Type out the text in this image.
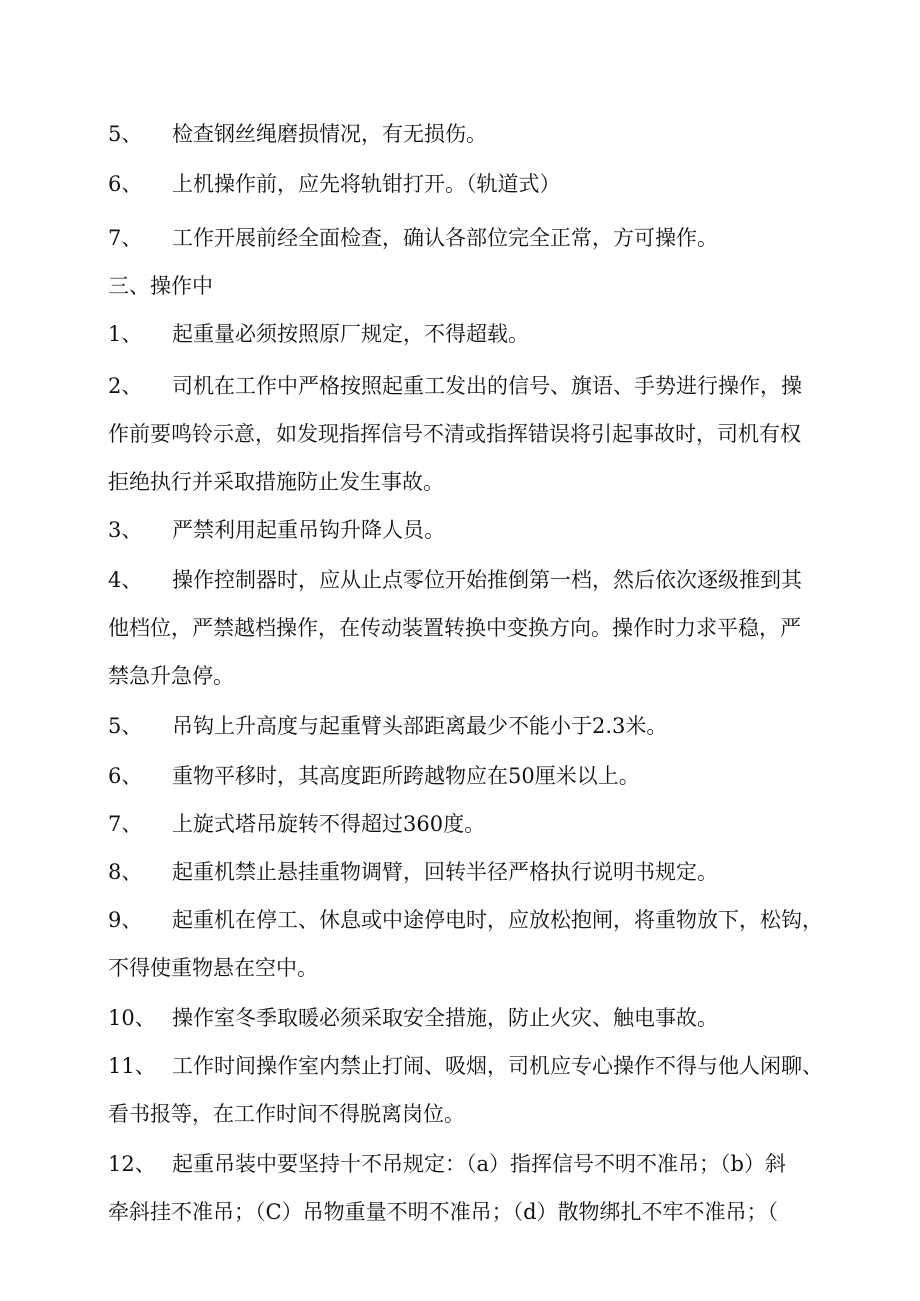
5、 检查钢丝绳磨损情况，有无损伤。
6、 上机操作前，应先将轨钳打开。（轨道式）
7、 工作开展前经全面检查，确认各部位完全正常，方可操作。
三、操作中
1、 起重量必须按照原厂规定，不得超载。
2、 司机在工作中严格按照起重工发出的信号、旗语、手势进行操作，操
作前要鸣铃示意，如发现指挥信号不清或指挥错误将引起事故时，司机有权
拒绝执行并采取措施防止发生事故。
3、 严禁利用起重吊钩升降人员。
4、 操作控制器时，应从止点零位开始推倒第一档，然后依次逐级推到其
他档位，严禁越档操作，在传动装置转换中变换方向。操作时力求平稳，严
禁急升急停。
5、 吊钩上升高度与起重臂头部距离最少不能小于2.3米。
6、 重物平移时，其高度距所跨越物应在50厘米以上。
7、 上旋式塔吊旋转不得超过360度。
8、 起重机禁止悬挂重物调臂，回转半径严格执行说明书规定。
9、 起重机在停工、休息或中途停电时，应放松抱闸，将重物放下，松钩，
不得使重物悬在空中。
10、 操作室冬季取暖必须采取安全措施，防止火灾、触电事故。
11、 工作时间操作室内禁止打闹、吸烟，司机应专心操作不得与他人闲聊、
看书报等，在工作时间不得脱离岗位。
12、 起重吊装中要坚持十不吊规定：（a）指挥信号不明不准吊；（b）斜
牵斜挂不准吊；（C）吊物重量不明不准吊；（d）散物绑扎不牢不准吊；（
